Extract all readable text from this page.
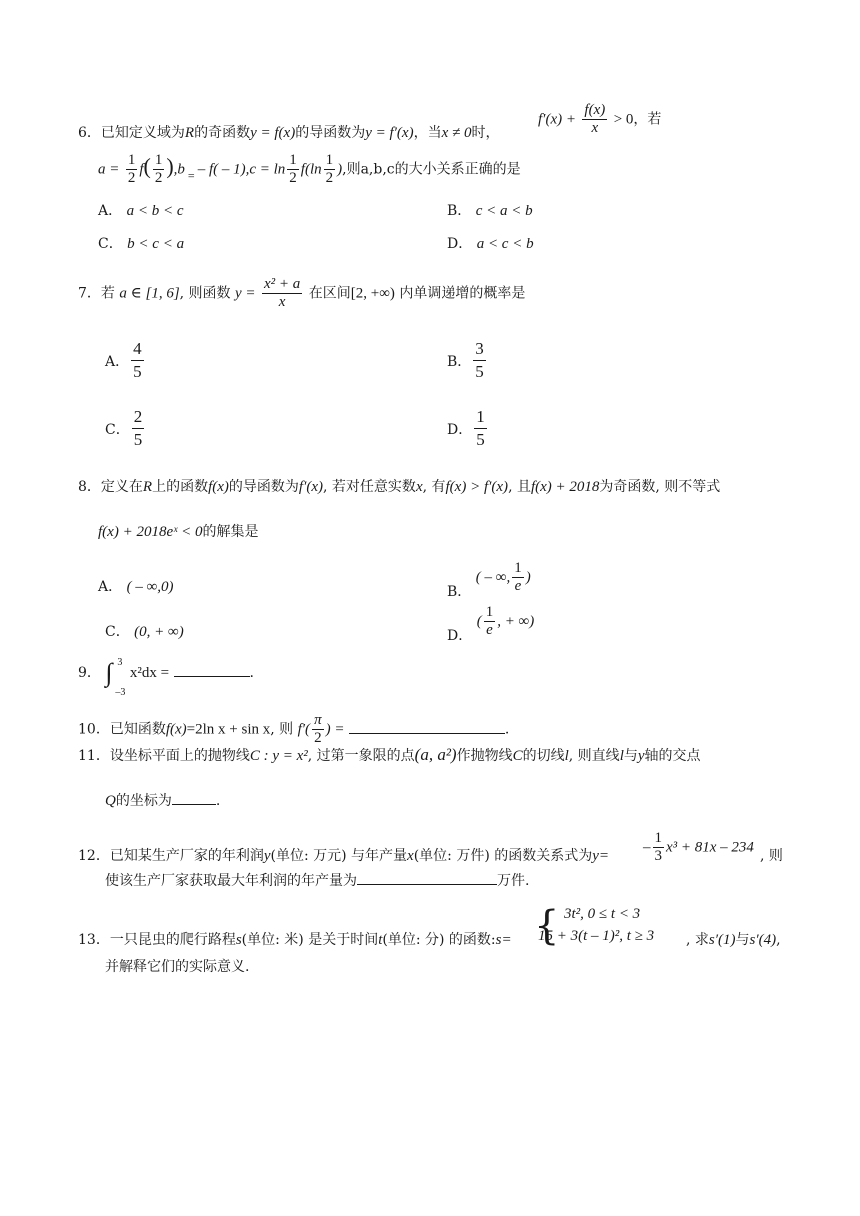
6．已知定义域为R的奇函数y = f(x)的导函数为y = f′(x)，当x ≠ 0时，
$f'(x) + \frac{f(x)}{x} > 0$，若
$a = \frac{1}{2} f( \frac{1}{2} ),b$ = – $f( - 1),c = \ln \frac{1}{2} f(\ln \frac{1}{2}$ ),则a,b,c的大小关系正确的是
A． a < b < c	B． c < a < b
C． b < c < a	D． a < c < b
7．若 a ∈ [1, 6], 则函数 $y = \frac{\text{x² + a}}{x}$ 在区间[2, +∞) 内单调递增的概率是
A． $\frac{4}{5}$	B． $\frac{3}{5}$
C． $\frac{2}{5}$	D． $\frac{1}{5}$
8．定义在R上的函数f(x)的导函数为f′(x), 若对任意实数x, 有f(x) > f′(x), 且f(x) + 2018为奇函数, 则不等式
f(x) + 2018eˣ < 0的解集是
A． ( – ∞,0)	B． ( – ∞, $\frac{1}{e}$ )
C． (0, + ∞)	D． ( $\frac{1}{e}$ , + ∞)
9． ∫ 3
–3
x²dx =	.
10．已知函数f(x)=2ln x + sin x, 则 $f'( \frac{\pi}{2}$ ) =	.
11．设坐标平面上的抛物线C : y = x², 过第一象限的点(a, a²)作抛物线C的切线l, 则直线l与y轴的交点
Q的坐标为	.
12．已知某生产厂家的年利润y(单位: 万元) 与年产量x(单位: 万件) 的函数关系式为y=
– $\frac{1}{3} x^3 + 81x - 234$
, 则
使该生产厂家获取最大年利润的年产量为	万件.
13．一只昆虫的爬行路程s(单位: 米) 是关于时间t(单位: 分) 的函数:s= { 3t², 0 ≤ t < 3
15 + 3(t – 1)², t ≥ 3 , 求s′(1)与s′(4),
并解释它们的实际意义.
